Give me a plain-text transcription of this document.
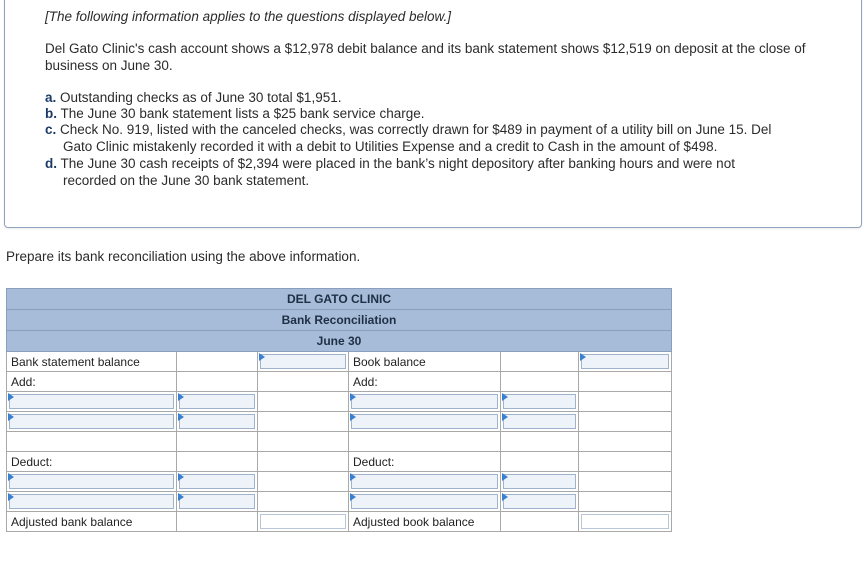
[The following information applies to the questions displayed below.]
Del Gato Clinic's cash account shows a $12,978 debit balance and its bank statement shows $12,519 on deposit at the close of business on June 30.
a. Outstanding checks as of June 30 total $1,951.
b. The June 30 bank statement lists a $25 bank service charge.
c. Check No. 919, listed with the canceled checks, was correctly drawn for $489 in payment of a utility bill on June 15. Del
Gato Clinic mistakenly recorded it with a debit to Utilities Expense and a credit to Cash in the amount of $498.
d. The June 30 cash receipts of $2,394 were placed in the bank’s night depository after banking hours and were not
recorded on the June 30 bank statement.
Prepare its bank reconciliation using the above information.
DEL GATO CLINIC					
Bank Reconciliation					
June 30					
Bank statement balance			Book balance		

Add:			Add:		

Deduct:			Deduct:		

Adjusted bank balance			Adjusted book balance		
